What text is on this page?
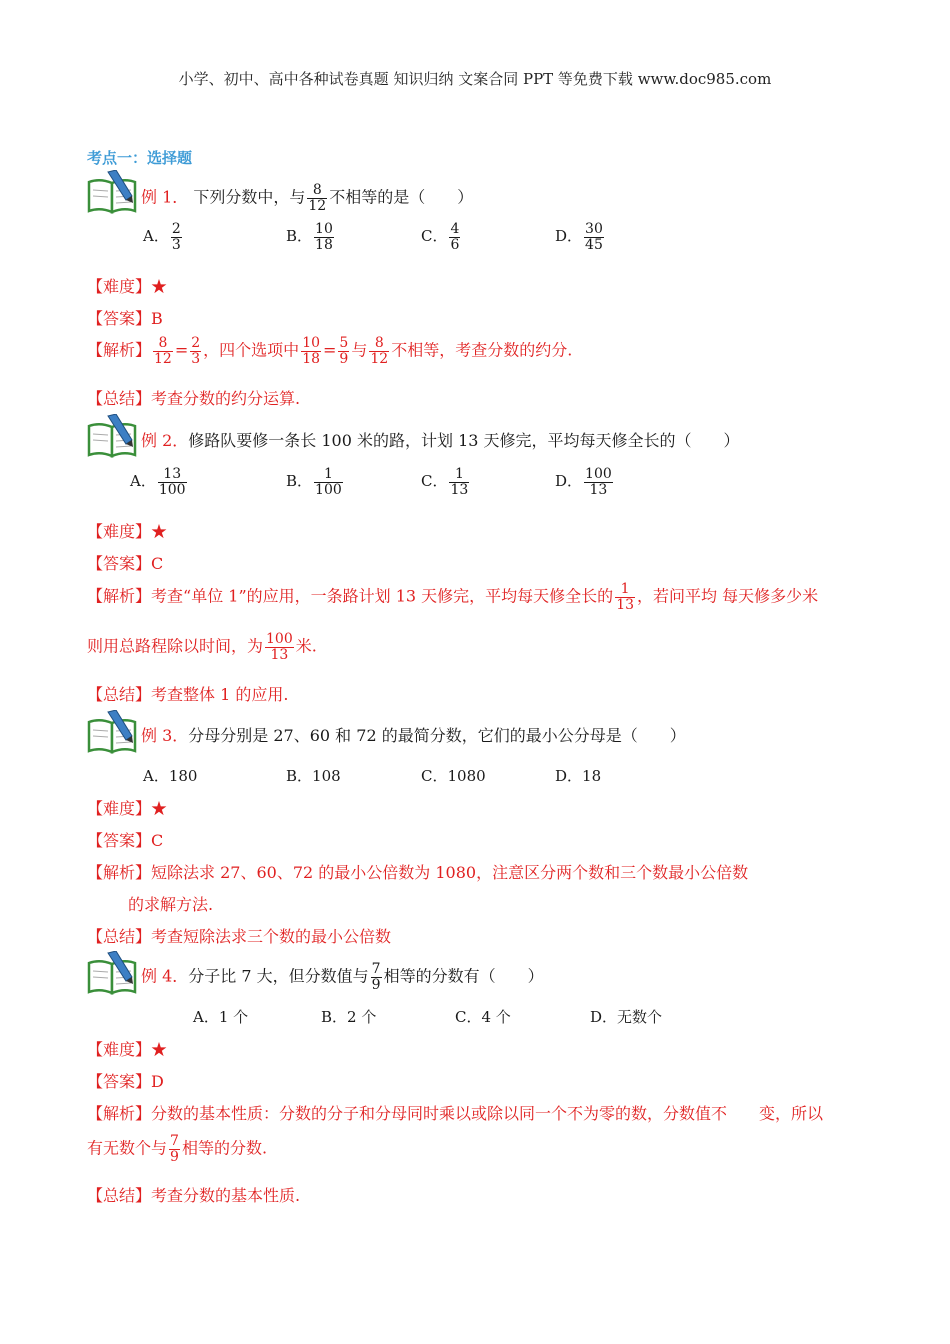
小学、初中、高中各种试卷真题 知识归纳 文案合同 PPT 等免费下载 www.doc985.com
考点一：选择题
例 1． 下列分数中，与 $\frac{8}{12}$ 不相等的是（　　）
A． $\frac{2}{3}$	B． $\frac{10}{18}$	C． $\frac{4}{6}$	D． $\frac{30}{45}$
【难度】★
【答案】B
【解析】 $\frac{8}{12} = \frac{2}{3}$ ，四个选项中 $\frac{10}{18} = \frac{5}{9}$ 与 $\frac{8}{12}$ 不相等，考查分数的约分.
【总结】考查分数的约分运算.
例 2．修路队要修一条长 100 米的路，计划 13 天修完，平均每天修全长的（　　）
A． $\frac{13}{100}$	B． $\frac{1}{100}$	C． $\frac{1}{13}$	D． $\frac{100}{13}$
【难度】★
【答案】C
【解析】考查“单位 1”的应用，一条路计划 13 天修完，平均每天修全长的 $\frac{1}{13}$ ，若问平均 每天修多少米
则用总路程除以时间，为 $\frac{100}{13}$ 米.
【总结】考查整体 1 的应用.
例 3．分母分别是 27、60 和 72 的最简分数，它们的最小公分母是（　　）
A．180	B．108	C．1080	D．18
【难度】★
【答案】C
【解析】短除法求 27、60、72 的最小公倍数为 1080，注意区分两个数和三个数最小公倍数
的求解方法.
【总结】考查短除法求三个数的最小公倍数
例 4．分子比 7 大，但分数值与 $\frac{7}{9}$ 相等的分数有（　　）
A．1 个	B．2 个	C．4 个	D．无数个
【难度】★
【答案】D
【解析】分数的基本性质：分数的分子和分母同时乘以或除以同一个不为零的数，分数值不　　变，所以
有无数个与 $\frac{7}{9}$ 相等的分数.
【总结】考查分数的基本性质.
